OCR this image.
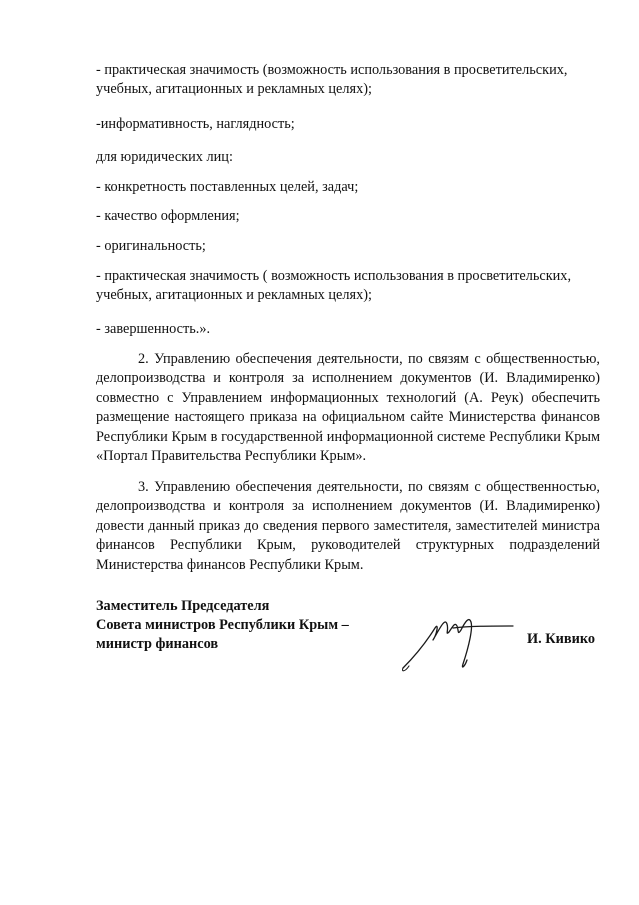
- практическая значимость (возможность использования в просветительских,
учебных, агитационных и рекламных целях);
-информативность, наглядность;
для юридических лиц:
- конкретность поставленных целей, задач;
- качество оформления;
- оригинальность;
- практическая значимость ( возможность использования в просветительских,
учебных, агитационных и рекламных целях);
- завершенность.».
2. Управлению обеспечения деятельности, по связям с общественностью, делопроизводства и контроля за исполнением документов (И. Владимиренко) совместно с Управлением информационных технологий (А. Реук) обеспечить размещение настоящего приказа на официальном сайте Министерства финансов Республики Крым в государственной информационной системе Республики Крым «Портал Правительства Республики Крым».
3. Управлению обеспечения деятельности, по связям с общественностью, делопроизводства и контроля за исполнением документов (И. Владимиренко) довести данный приказ до сведения первого заместителя, заместителей министра финансов Республики Крым, руководителей структурных подразделений Министерства финансов Республики Крым.
Заместитель Председателя
Совета министров Республики Крым –
министр финансов	И. Кивико
